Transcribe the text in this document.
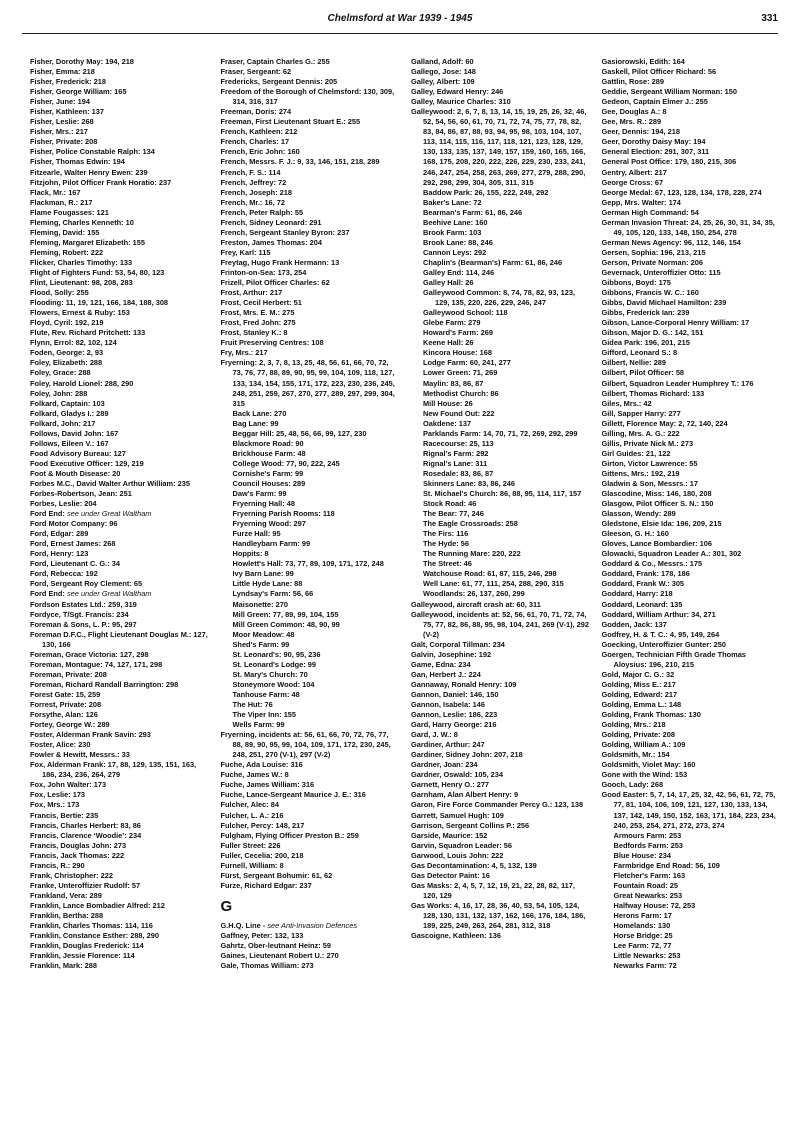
Chelmsford at War 1939 - 1945	331
Fisher, Dorothy May: 194, 218
Fisher, Emma: 218
Fisher, Frederick: 218
Fisher, George William: 165
Fisher, June: 194
Fisher, Kathleen: 137
Fisher, Leslie: 268
Fisher, Mrs.: 217
Fisher, Private: 208
Fisher, Police Constable Ralph: 134
Fisher, Thomas Edwin: 194
Fitzearle, Walter Henry Ewen: 239
Fitzjohn, Pilot Officer Frank Horatio: 237
Flack, Mr.: 167
Flackman, R.: 217
Flame Fougasses: 121
Fleming, Charles Kenneth: 10
Fleming, David: 155
Fleming, Margaret Elizabeth: 155
Fleming, Robert: 222
Flicker, Charles Timothy: 133
Flight of Fighters Fund: 53, 54, 80, 123
Flint, Lieutenant: 98, 208, 283
Flood, Solly: 255
Flooding: 11, 19, 121, 166, 184, 188, 308
Flowers, Ernest & Ruby: 153
Floyd, Cyril: 192, 219
Flute, Rev. Richard Pritchett: 133
Flynn, Errol: 82, 102, 124
Foden, George: 2, 93
Foley, Elizabeth: 288
Foley, Grace: 288
Foley, Harold Lionel: 288, 290
Foley, John: 288
Folkard, Captain: 103
Folkard, Gladys I.: 289
Folkard, John: 217
Follows, David John: 167
Follows, Eileen V.: 167
Food Advisory Bureau: 127
Food Executive Officer: 129, 219
Foot & Mouth Disease: 20
Forbes M.C., David Walter Arthur William: 235
Forbes-Robertson, Jean: 251
Forbes, Leslie: 204
Ford End: see under Great Waltham
Ford Motor Company: 96
Ford, Edgar: 289
Ford, Ernest James: 268
Ford, Henry: 123
Ford, Lieutenant C. G.: 34
Ford, Rebecca: 192
Ford, Sergeant Roy Clement: 65
Ford End: see under Great Waltham
Fordson Estates Ltd.: 259, 319
Fordyce, T/Sgt. Francis: 234
Foreman & Sons, L. P.: 95, 297
Foreman D.F.C., Flight Lieutenant Douglas M.: 127, 130, 166
Foreman, Grace Victoria: 127, 298
Foreman, Montague: 74, 127, 171, 298
Foreman, Private: 208
Foreman, Richard Randall Barrington: 298
Forest Gate: 15, 259
Forrest, Private: 208
Forsythe, Alan: 126
Fortey, George W.: 289
Foster, Alderman Frank Savin: 293
Foster, Alice: 230
Fowler & Hewitt, Messrs.: 33
Fox, Alderman Frank: 17, 88, 129, 135, 151, 163, 186, 234, 236, 264, 279
Fox, John Walter: 173
Fox, Leslie: 173
Fox, Mrs.: 173
Francis, Bertie: 235
Francis, Charles Herbert: 83, 86
Francis, Clarence ‘Woodie’: 234
Francis, Douglas John: 273
Francis, Jack Thomas: 222
Francis, R.: 290
Frank, Christopher: 222
Franke, Unteroffizier Rudolf: 57
Frankland, Vera: 289
Franklin, Lance Bombadier Alfred: 212
Franklin, Bertha: 288
Franklin, Charles Thomas: 114, 116
Franklin, Constance Esther: 288, 290
Franklin, Douglas Frederick: 114
Franklin, Jessie Florence: 114
Franklin, Mark: 288
Fraser, Captain Charles G.: 255
Fraser, Sergeant: 62
Fredericks, Sergeant Dennis: 205
Freedom of the Borough of Chelmsford: 130, 309, 314, 316, 317
Freeman, Doris: 274
Freeman, First Lieutenant Stuart E.: 255
French, Kathleen: 212
French, Charles: 17
French, Eric John: 160
French, Messrs. F. J.: 9, 33, 146, 151, 218, 289
French, F. S.: 114
French, Jeffrey: 72
French, Joseph: 218
French, Mr.: 16, 72
French, Peter Ralph: 55
French, Sidney Leonard: 291
French, Sergeant Stanley Byron: 237
Freston, James Thomas: 204
Frey, Karl: 115
Freytag, Hugo Frank Hermann: 13
Frinton-on-Sea: 173, 254
Frizell, Pilot Officer Charles: 62
Frost, Arthur: 217
Frost, Cecil Herbert: 51
Frost, Mrs. E. M.: 275
Frost, Fred John: 275
Frost, Stanley K.: 8
Fruit Preserving Centres: 108
Fry, Mrs.: 217
Fryerning: 2, 3, 7, 8, 13, 25, 48, 56, 61, 66, 70, 72, 73, 76, 77, 88, 89, 90, 95, 99, 104, 109, 118, 127, 133, 134, 154, 155, 171, 172, 223, 230, 236, 245, 248, 251, 259, 267, 270, 277, 289, 297, 299, 304, 315
Back Lane: 270
Bag Lane: 99
Beggar Hill: 25, 48, 56, 66, 99, 127, 230
Blackmore Road: 90
Brickhouse Farm: 48
College Wood: 77, 90, 222, 245
Cornishe's Farm: 99
Council Houses: 289
Daw's Farm: 99
Fryerning Hall: 48
Fryerning Parish Rooms: 118
Fryerning Wood: 297
Furze Hall: 95
Handleybarn Farm: 99
Hoppits: 8
Howlett's Hall: 73, 77, 89, 109, 171, 172, 248
Ivy Barn Lane: 99
Little Hyde Lane: 88
Lyndsay's Farm: 56, 66
Maisonette: 270
Mill Green: 77, 89, 99, 104, 155
Mill Green Common: 48, 90, 99
Moor Meadow: 48
Shed's Farm: 99
St. Leonard's: 90, 95, 236
St. Leonard's Lodge: 99
St. Mary's Church: 70
Stoneymore Wood: 104
Tanhouse Farm: 48
The Hut: 76
The Viper Inn: 155
Wells Farm: 99
Fryerning, incidents at: 56, 61, 66, 70, 72, 76, 77, 88, 89, 90, 95, 99, 104, 109, 171, 172, 230, 245, 248, 251, 270 (V-1), 297 (V-2)
Fuche, Ada Louise: 316
Fuche, James W.: 8
Fuche, James William: 316
Fuche, Lance-Sergeant Maurice J. E.: 316
Fulcher, Alec: 84
Fulcher, L. A.: 216
Fulcher, Percy: 148, 217
Fulgham, Flying Officer Preston B.: 259
Fuller Street: 226
Fuller, Cecelia: 200, 218
Furnell, William: 8
Fürst, Sergeant Bohumir: 61, 62
Furze, Richard Edgar: 237
G
G.H.Q. Line - see Anti-Invasion Defences
Gaffney, Peter: 132, 133
Gahrtz, Ober-leutnant Heinz: 59
Gaines, Lieutenant Robert U.: 270
Gale, Thomas William: 273
Galland, Adolf: 60
Gallego, Jose: 148
Galley, Albert: 109
Galley, Edward Henry: 246
Galley, Maurice Charles: 310
Galleywood: 2, 6, 7, 8, 13, 14, 15, 19, 25, 26, 32, 46, 52, 54, 56, 60, 61, 70, 71, 72, 74, 75, 77, 78, 82, 83, 84, 86, 87, 88, 93, 94, 95, 98, 103, 104, 107, 113, 114, 115, 116, 117, 118, 121, 123, 128, 129, 130, 133, 135, 137, 149, 157, 159, 160, 165, 166, 168, 175, 208, 220, 222, 226, 229, 230, 233, 241, 246, 247, 254, 258, 263, 269, 277, 279, 288, 290, 292, 298, 299, 304, 305, 311, 315
Baddow Park: 26, 155, 222, 249, 292
Baker's Lane: 72
Bearman's Farm: 61, 86, 246
Beehive Lane: 160
Brook Farm: 103
Brook Lane: 88, 246
Cannon Leys: 292
Chaplin's (Bearman's) Farm: 61, 86, 246
Galley End: 114, 246
Galley Hall: 26
Galleywood Common: 8, 74, 78, 82, 93, 123, 129, 135, 220, 226, 229, 246, 247
Galleywood School: 118
Glebe Farm: 279
Howard's Farm: 269
Keene Hall: 26
Kincora House: 168
Lodge Farm: 60, 241, 277
Lower Green: 71, 269
Maylin: 83, 86, 87
Methodist Church: 86
Mill House: 26
New Found Out: 222
Oakdene: 137
Parklands Farm: 14, 70, 71, 72, 269, 292, 299
Racecourse: 25, 113
Rignal's Farm: 292
Rignal's Lane: 311
Rosedale: 83, 86, 87
Skinners Lane: 83, 86, 246
St. Michael's Church: 86, 88, 95, 114, 117, 157
Stock Road: 46
The Bear: 77, 246
The Eagle Crossroads: 258
The Firs: 116
The Hyde: 56
The Running Mare: 220, 222
The Street: 46
Watchouse Road: 61, 87, 115, 246, 298
Well Lane: 61, 77, 111, 254, 288, 290, 315
Woodlands: 26, 137, 260, 299
Galleywood, aircraft crash at: 60, 311
Galleywood, incidents at: 52, 56, 61, 70, 71, 72, 74, 75, 77, 82, 86, 88, 95, 98, 104, 241, 269 (V-1), 292 (V-2)
Galt, Corporal Tillman: 234
Galvin, Josephine: 192
Game, Edna: 234
Gan, Herbert J.: 224
Gannaway, Ronald Henry: 109
Gannon, Daniel: 146, 150
Gannon, Isabela: 146
Gannon, Leslie: 186, 223
Gard, Harry George: 216
Gard, J. W.: 8
Gardiner, Arthur: 247
Gardiner, Sidney John: 207, 218
Gardner, Joan: 234
Gardner, Oswald: 105, 234
Garnett, Henry O.: 277
Garnham, Alan Albert Henry: 9
Garon, Fire Force Commander Percy G.: 123, 138
Garrett, Samuel Hugh: 109
Garrison, Sergeant Collins P.: 256
Garside, Maurice: 152
Garvin, Squadron Leader: 56
Garwood, Louis John: 222
Gas Decontamination: 4, 5, 132, 139
Gas Detector Paint: 16
Gas Masks: 2, 4, 5, 7, 12, 19, 21, 22, 28, 82, 117, 120, 129
Gas Works: 4, 16, 17, 28, 36, 40, 53, 54, 105, 124, 128, 130, 131, 132, 137, 162, 166, 176, 184, 186, 189, 225, 249, 263, 264, 281, 312, 318
Gascoigne, Kathleen: 136
Gasiorowski, Edith: 164
Gaskell, Pilot Officer Richard: 56
Gattlin, Rose: 289
Geddie, Sergeant William Norman: 150
Gedeon, Captain Elmer J.: 255
Gee, Douglas A.: 8
Gee, Mrs. R.: 289
Geer, Dennis: 194, 218
Geer, Dorothy Daisy May: 194
General Election: 291, 307, 311
General Post Office: 179, 180, 215, 306
Gentry, Albert: 217
George Cross: 67
George Medal: 67, 123, 128, 134, 178, 228, 274
Gepp, Mrs. Walter: 174
German High Command: 54
German Invasion Threat: 24, 25, 26, 30, 31, 34, 35, 49, 105, 120, 133, 148, 150, 254, 278
German News Agency: 96, 112, 146, 154
Gersen, Sophia: 196, 213, 215
Gerson, Private Norman: 206
Gevernack, Unteroffizier Otto: 115
Gibbons, Boyd: 175
Gibbons, Francis W. C.: 160
Gibbs, David Michael Hamilton: 239
Gibbs, Frederick Ian: 239
Gibson, Lance-Corporal Henry William: 17
Gibson, Major D. G.: 142, 151
Gidea Park: 196, 201, 215
Gifford, Leonard S.: 8
Gilbert, Nellie: 289
Gilbert, Pilot Officer: 58
Gilbert, Squadron Leader Humphrey T.: 176
Gilbert, Thomas Richard: 133
Giles, Mrs.: 42
Gill, Sapper Harry: 277
Gillett, Florence May: 2, 72, 140, 224
Gilling, Mrs. A. G.: 222
Gillis, Private Nick M.: 273
Girl Guides: 21, 122
Girton, Victor Lawrence: 55
Gittens, Mrs.: 192, 219
Gladwin & Son, Messrs.: 17
Glascodine, Miss: 146, 180, 208
Glasgow, Pilot Officer S. N.: 150
Glasson, Wendy: 289
Gledstone, Elsie Ida: 196, 209, 215
Gleeson, G. H.: 160
Gloves, Lance Bombardier: 106
Glowacki, Squadron Leader A.: 301, 302
Goddard & Co., Messrs.: 175
Goddard, Frank: 178, 186
Goddard, Frank W.: 305
Goddard, Harry: 218
Goddard, Leonard: 135
Goddard, William Arthur: 34, 271
Godden, Jack: 137
Godfrey, H. & T. C.: 4, 95, 149, 264
Goecking, Unteroffizier Gunter: 250
Goergen, Technician Fifth Grade Thomas Aloysius: 196, 210, 215
Gold, Major C. G.: 32
Golding, Miss E.: 217
Golding, Edward: 217
Golding, Emma L.: 148
Golding, Frank Thomas: 130
Golding, Mrs.: 218
Golding, Private: 208
Golding, William A.: 109
Goldsmith, Mr.: 154
Goldsmith, Violet May: 160
Gone with the Wind: 153
Gooch, Lady: 268
Good Easter: 5, 7, 14, 17, 25, 32, 42, 56, 61, 72, 75, 77, 81, 104, 106, 109, 121, 127, 130, 133, 134, 137, 142, 149, 150, 152, 163, 171, 184, 223, 234, 240, 253, 254, 271, 272, 273, 274
Armours Farm: 253
Bedfords Farm: 253
Blue House: 234
Farmbridge End Road: 56, 109
Fletcher's Farm: 163
Fountain Road: 25
Great Newarks: 253
Halfway House: 72, 253
Herons Farm: 17
Homelands: 130
Horse Bridge: 25
Lee Farm: 72, 77
Little Newarks: 253
Newarks Farm: 72
